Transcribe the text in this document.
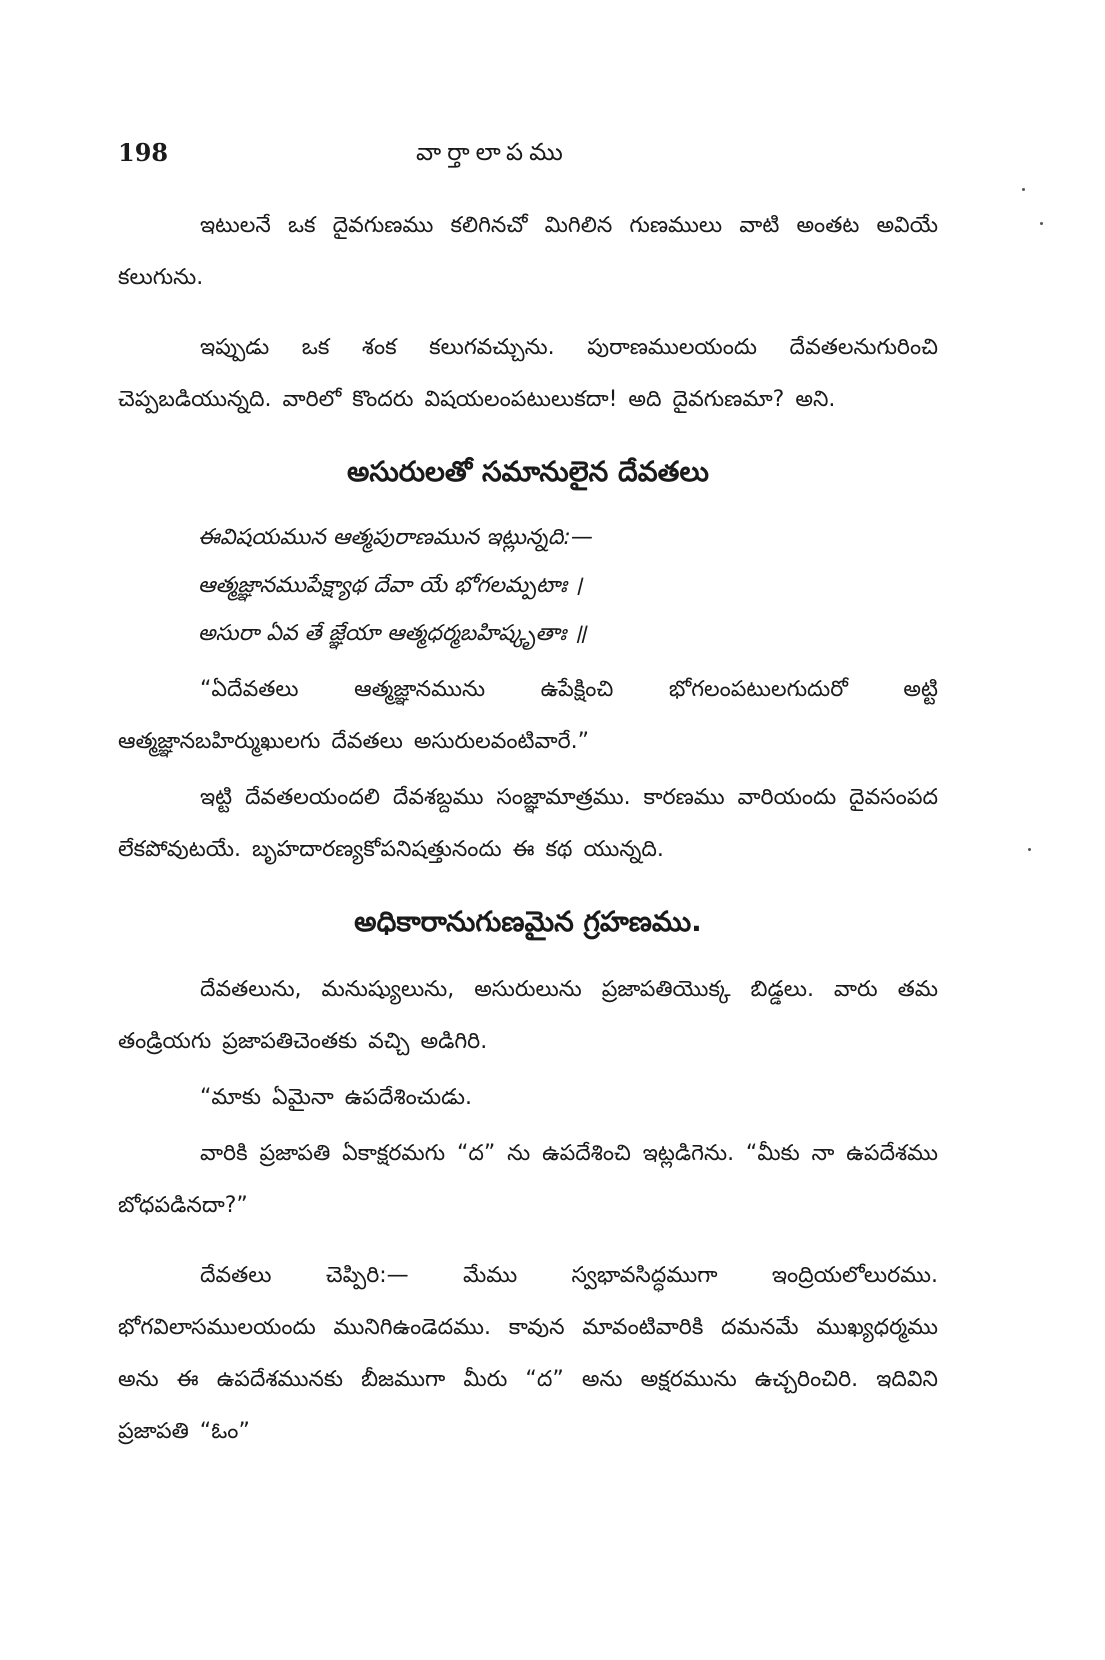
198	వార్తాలాపము

ఇటులనే ఒక దైవగుణము కలిగినచో మిగిలిన గుణములు వాటి అంతట అవియే కలుగును.

ఇప్పుడు ఒక శంక కలుగవచ్చును. పురాణములయందు దేవతలనుగురించి చెప్పబడియున్నది. వారిలో కొందరు విషయలంపటులుకదా! అది దైవగుణమా? అని.

అసురులతో సమానులైన దేవతలు
ఈవిషయమున ఆత్మపురాణమున ఇట్లున్నది:—
ఆత్మజ్ఞానముపేక్ష్యాథ దేవా యే భోగలమ్పటాః ।
అసురా ఏవ తే జ్ఞేయా ఆత్మధర్మబహిష్కృతాః ॥

“ఏదేవతలు ఆత్మజ్ఞానమును ఉపేక్షించి భోగలంపటులగుదురో అట్టి ఆత్మజ్ఞానబహిర్ముఖులగు దేవతలు అసురులవంటివారే.”

ఇట్టి దేవతలయందలి దేవశబ్దము సంజ్ఞామాత్రము. కారణము వారియందు దైవసంపద లేకపోవుటయే. బృహదారణ్యకోపనిషత్తునందు ఈ కథ యున్నది.

అధికారానుగుణమైన గ్రహణము.

దేవతలును, మనుష్యులును, అసురులును ప్రజాపతియొక్క బిడ్డలు. వారు తమ తండ్రియగు ప్రజాపతిచెంతకు వచ్చి అడిగిరి.

“మాకు ఏమైనా ఉపదేశించుడు.

వారికి ప్రజాపతి ఏకాక్షరమగు “ద” ను ఉపదేశించి ఇట్లడిగెను. “మీకు నా ఉపదేశము బోధపడినదా?”

దేవతలు చెప్పిరి:— మేము స్వభావసిద్ధముగా ఇంద్రియలోలురము. భోగవిలాసములయందు మునిగిఉండెదము. కావున మావంటివారికి దమనమే ముఖ్యధర్మము అను ఈ ఉపదేశమునకు బీజముగా మీరు “ద” అను అక్షరమును ఉచ్చరించిరి. ఇదివిని ప్రజాపతి “ఓం”
